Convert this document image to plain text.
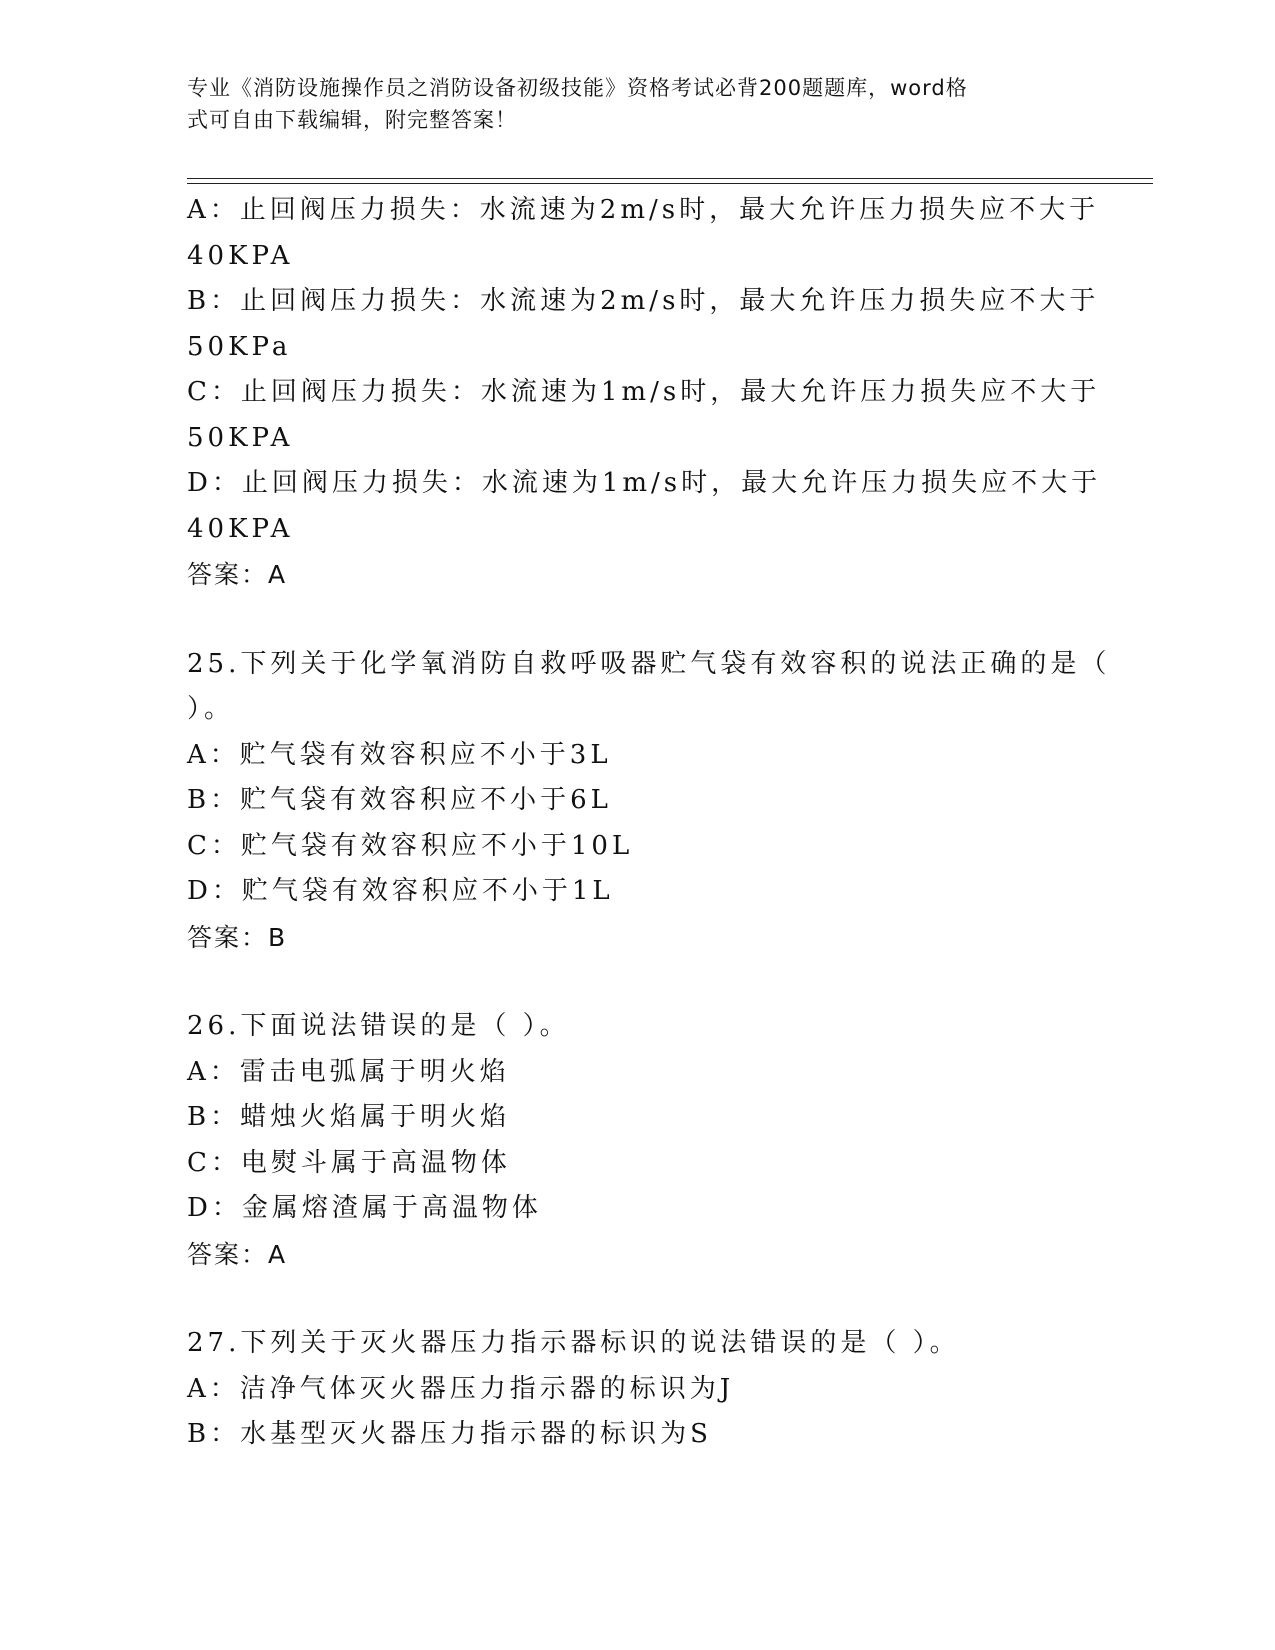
专业《消防设施操作员之消防设备初级技能》资格考试必背200题题库，word格
式可自由下载编辑，附完整答案！
A：止回阀压力损失：水流速为2m/s时，最大允许压力损失应不大于
40KPA
B：止回阀压力损失：水流速为2m/s时，最大允许压力损失应不大于
50KPa
C：止回阀压力损失：水流速为1m/s时，最大允许压力损失应不大于
50KPA
D：止回阀压力损失：水流速为1m/s时，最大允许压力损失应不大于
40KPA
答案：A
25.下列关于化学氧消防自救呼吸器贮气袋有效容积的说法正确的是（
）。
A：贮气袋有效容积应不小于3L
B：贮气袋有效容积应不小于6L
C：贮气袋有效容积应不小于10L
D：贮气袋有效容积应不小于1L
答案：B
26.下面说法错误的是（ ）。
A：雷击电弧属于明火焰
B：蜡烛火焰属于明火焰
C：电熨斗属于高温物体
D：金属熔渣属于高温物体
答案：A
27.下列关于灭火器压力指示器标识的说法错误的是（ ）。
A：洁净气体灭火器压力指示器的标识为J
B：水基型灭火器压力指示器的标识为S
